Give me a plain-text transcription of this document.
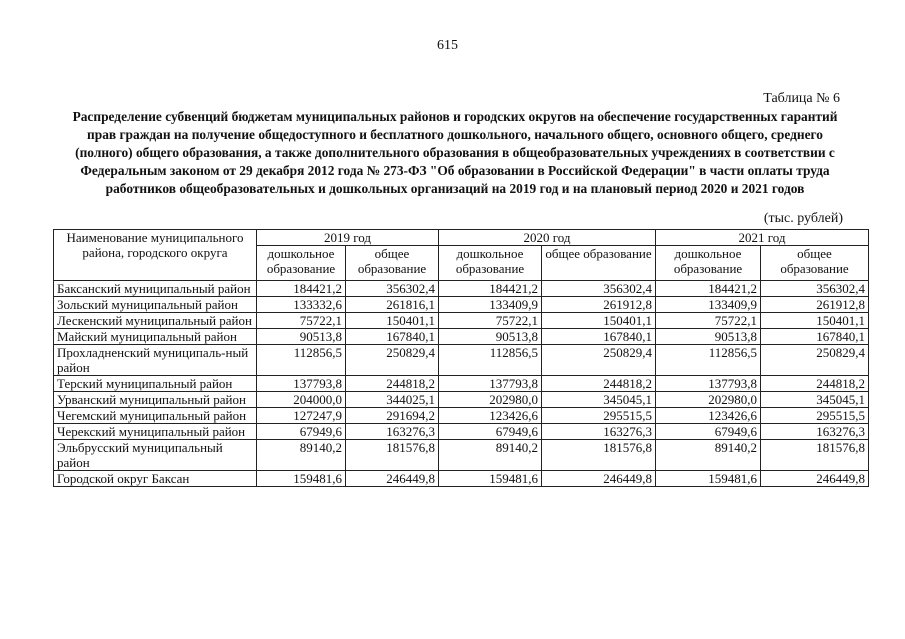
615
Таблица № 6
Распределение субвенций бюджетам муниципальных районов и городских округов на обеспечение государственных гарантий прав граждан на получение общедоступного и бесплатного дошкольного, начального общего, основного общего, среднего (полного) общего образования, а также дополнительного образования в общеобразовательных учреждениях в соответствии с Федеральным законом от 29 декабря 2012 года № 273-ФЗ "Об образовании в Российской Федерации" в части оплаты труда работников общеобразовательных и дошкольных организаций на 2019 год и на плановый период 2020 и 2021 годов
(тыс. рублей)
Наименование муниципального района, городского округа	2019 год		2020 год		2021 год	
	дошкольное образование	общее образование	дошкольное образование	общее образование	дошкольное образование	общее образование
Баксанский муниципальный район	184421,2	356302,4	184421,2	356302,4	184421,2	356302,4
Зольский муниципальный район	133332,6	261816,1	133409,9	261912,8	133409,9	261912,8
Лескенский муниципальный район	75722,1	150401,1	75722,1	150401,1	75722,1	150401,1
Майский муниципальный район	90513,8	167840,1	90513,8	167840,1	90513,8	167840,1
Прохладненский муниципаль-ный район	112856,5	250829,4	112856,5	250829,4	112856,5	250829,4
Терский муниципальный район	137793,8	244818,2	137793,8	244818,2	137793,8	244818,2
Урванский муниципальный район	204000,0	344025,1	202980,0	345045,1	202980,0	345045,1
Чегемский муниципальный район	127247,9	291694,2	123426,6	295515,5	123426,6	295515,5
Черекский муниципальный район	67949,6	163276,3	67949,6	163276,3	67949,6	163276,3
Эльбрусский муниципальный район	89140,2	181576,8	89140,2	181576,8	89140,2	181576,8
Городской округ Баксан	159481,6	246449,8	159481,6	246449,8	159481,6	246449,8
